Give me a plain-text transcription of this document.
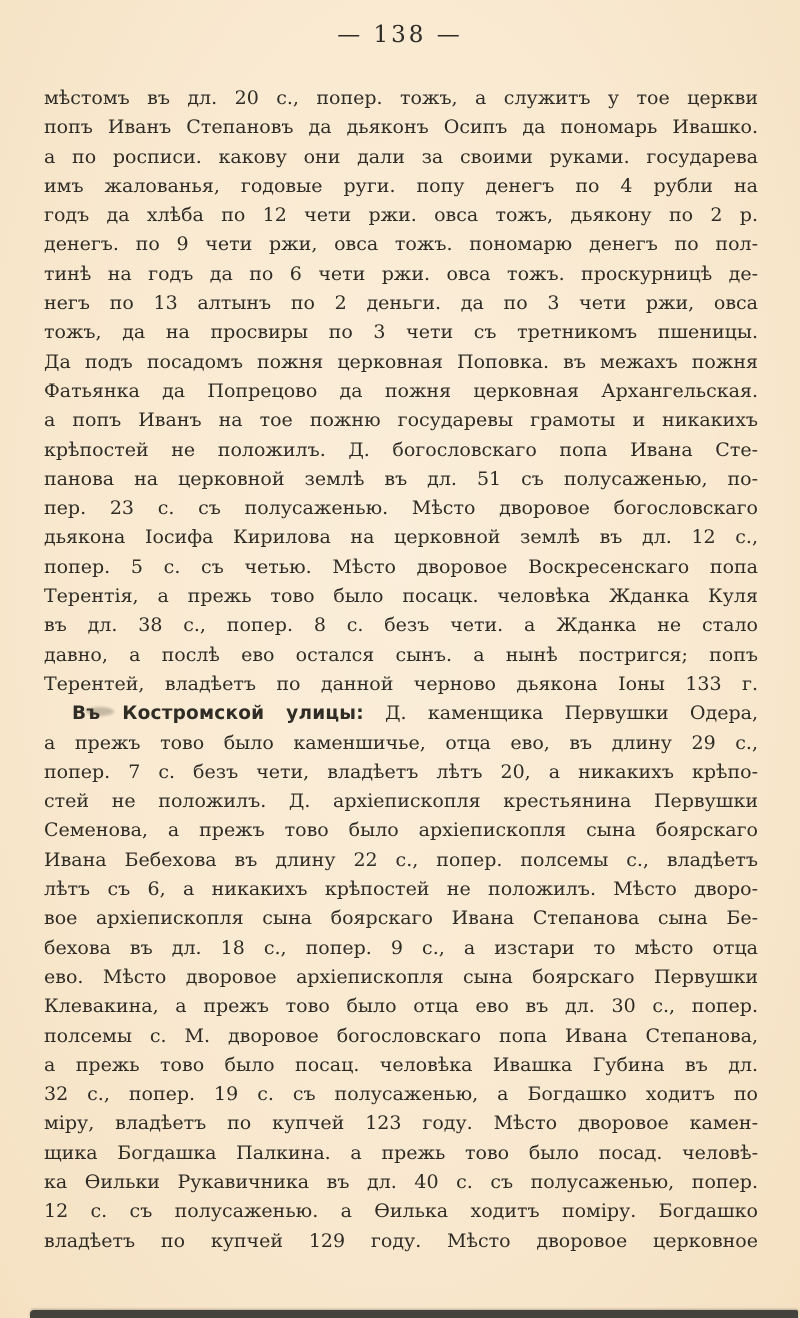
— 138 —
мѣстомъ въ дл. 20 с., попер. тожъ, а служитъ у тое церкви
попъ Иванъ Степановъ да дьяконъ Осипъ да пономарь Ивашко.
а по росписи. какову они дали за своими руками. государева
имъ жалованья, годовые руги. попу денегъ по 4 рубли на
годъ да хлѣба по 12 чети ржи. овса тожъ, дьякону по 2 р.
денегъ. по 9 чети ржи, овса тожъ. пономарю денегъ по пол-
тинѣ на годъ да по 6 чети ржи. овса тожъ. проскурницѣ де-
негъ по 13 алтынъ по 2 деньги. да по 3 чети ржи, овса
тожъ, да на просвиры по 3 чети съ третникомъ пшеницы.
Да подъ посадомъ пожня церковная Поповка. въ межахъ пожня
Фатьянка да Попрецово да пожня церковная Архангельская.
а попъ Иванъ на тое пожню государевы грамоты и никакихъ
крѣпостей не положилъ. Д. богословскаго попа Ивана Сте-
панова на церковной землѣ въ дл. 51 съ полусаженью, по-
пер. 23 с. съ полусаженью. Мѣсто дворовое богословскаго
дьякона Іосифа Кирилова на церковной землѣ въ дл. 12 с.,
попер. 5 с. съ четью. Мѣсто дворовое Воскресенскаго попа
Терентія, а прежь тово было посацк. человѣка Жданка Куля
въ дл. 38 с., попер. 8 с. безъ чети. а Жданка не стало
давно, а послѣ ево остался сынъ. а нынѣ постригся; попъ
Терентей, владѣетъ по данной черново дьякона Іоны 133 г.
Въ Костромской улицы: Д. каменщика Первушки Одера,
а прежъ тово было каменшичье, отца ево, въ длину 29 с.,
попер. 7 с. безъ чети, владѣетъ лѣтъ 20, а никакихъ крѣпо-
стей не положилъ. Д. архіепископля крестьянина Первушки
Семенова, а прежъ тово было архіепископля сына боярскаго
Ивана Бебехова въ длину 22 с., попер. полсемы с., владѣетъ
лѣтъ съ 6, а никакихъ крѣпостей не положилъ. Мѣсто дворо-
вое архіепископля сына боярскаго Ивана Степанова сына Бе-
бехова въ дл. 18 с., попер. 9 с., а изстари то мѣсто отца
ево. Мѣсто дворовое архіепископля сына боярскаго Первушки
Клевакина, а прежъ тово было отца ево въ дл. 30 с., попер.
полсемы с. М. дворовое богословскаго попа Ивана Степанова,
а прежь тово было посац. человѣка Ивашка Губина въ дл.
32 с., попер. 19 с. съ полусаженью, а Богдашко ходитъ по
міру, владѣетъ по купчей 123 году. Мѣсто дворовое камен-
щика Богдашка Палкина. а прежь тово было посад. человѣ-
ка Ѳильки Рукавичника въ дл. 40 с. съ полусаженью, попер.
12 с. съ полусаженью. а Ѳилька ходитъ поміру. Богдашко
владѣетъ по купчей 129 году. Мѣсто дворовое церковное
